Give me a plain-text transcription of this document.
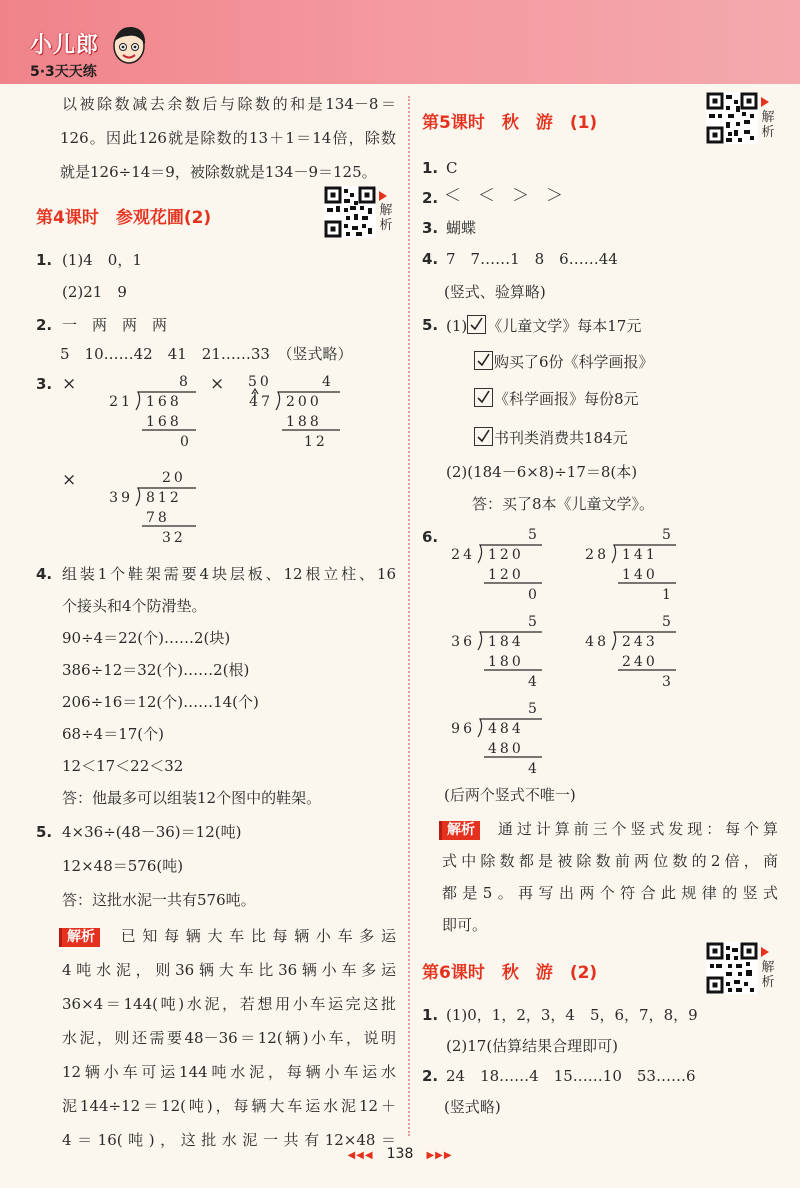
小儿郎
5·3天天练
以被除数减去余数后与除数的和是134－8＝
126。因此126就是除数的13＋1＝14倍，除数
就是126÷14＝9，被除数就是134－9＝125。
第4课时　参观花圃(2)	解析
1. (1)4　0，1
(2)21　9
2. 一　两　两　两
5　10……42　41　21……33　（竖式略）
3. ×	×
×
8
21 168
168
0
50	4
47 200
188
12
20
39 812
78
32
4. 组装1个鞋架需要4块层板、12根立柱、16
个接头和4个防滑垫。
90÷4＝22(个)……2(块)
386÷12＝32(个)……2(根)
206÷16＝12(个)……14(个)
68÷4＝17(个)
12＜17＜22＜32
答：他最多可以组装12个图中的鞋架。
5. 4×36÷(48－36)＝12(吨)
12×48＝576(吨)
答：这批水泥一共有576吨。
解析 已知每辆大车比每辆小车多运
4吨水泥，则36辆大车比36辆小车多运
36×4＝144(吨)水泥，若想用小车运完这批
水泥，则还需要48－36＝12(辆)小车，说明
12辆小车可运144吨水泥，每辆小车运水
泥144÷12＝12(吨)，每辆大车运水泥12＋
4＝16(吨)，这批水泥一共有12×48＝
第5课时　秋　游　(1)	解析
1. C
2. ＜　＜　＞　＞
3. 蝴蝶
4. 7　7……1　8　6……44
(竖式、验算略)
5. (1) 《儿童文学》每本17元
购买了6份《科学画报》
《科学画报》每份8元
书刊类消费共184元
(2)(184－6×8)÷17＝8(本)
答：买了8本《儿童文学》。
6.	5
24 120
120
0
5
28 141
140
1
5
36 184
180
4
5
48 243
240
3
5
96 484
480
4
(后两个竖式不唯一)
解析 通过计算前三个竖式发现：每个算
式中除数都是被除数前两位数的2倍，商
都是5。再写出两个符合此规律的竖式
即可。
第6课时　秋　游　(2)	解析
1. (1)0，1，2，3，4　5，6，7，8，9
(2)17(估算结果合理即可)
2. 24　18……4　15……10　53……6
(竖式略)
◀◀◀ 138 ▶▶▶
